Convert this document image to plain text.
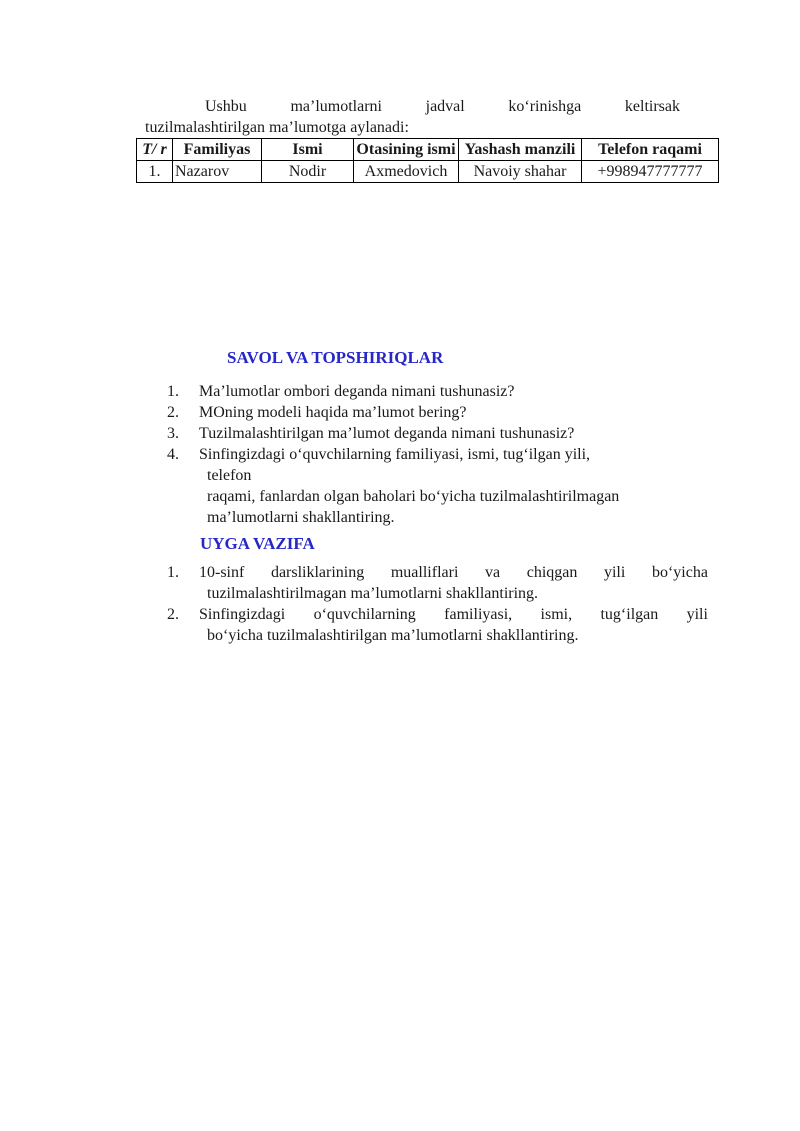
Ushbu	ma’lumotlarni	jadval	ko‘rinishga	keltirsak
tuzilmalashtirilgan ma’lumotga aylanadi:
T/ r	Familiyas	Ismi	Otasining ismi	Yashash manzili	Telefon raqami
1.	Nazarov	Nodir	Axmedovich	Navoiy shahar	+998947777777
SAVOL VA TOPSHIRIQLAR
1. Ma’lumotlar ombori deganda nimani tushunasiz?
2. MOning modeli haqida ma’lumot bering?
3. Tuzilmalashtirilgan ma’lumot deganda nimani tushunasiz?
4. Sinfingizdagi o‘quvchilarning familiyasi, ismi, tug‘ilgan yili,
telefon
raqami, fanlardan olgan baholari bo‘yicha tuzilmalashtirilmagan
ma’lumotlarni shakllantiring.
UYGA VAZIFA
1. 10-sinf darsliklarining mualliflari va chiqgan yili bo‘yicha
tuzilmalashtirilmagan ma’lumotlarni shakllantiring.
2. Sinfingizdagi o‘quvchilarning familiyasi, ismi, tug‘ilgan yili
bo‘yicha tuzilmalashtirilgan ma’lumotlarni shakllantiring.
